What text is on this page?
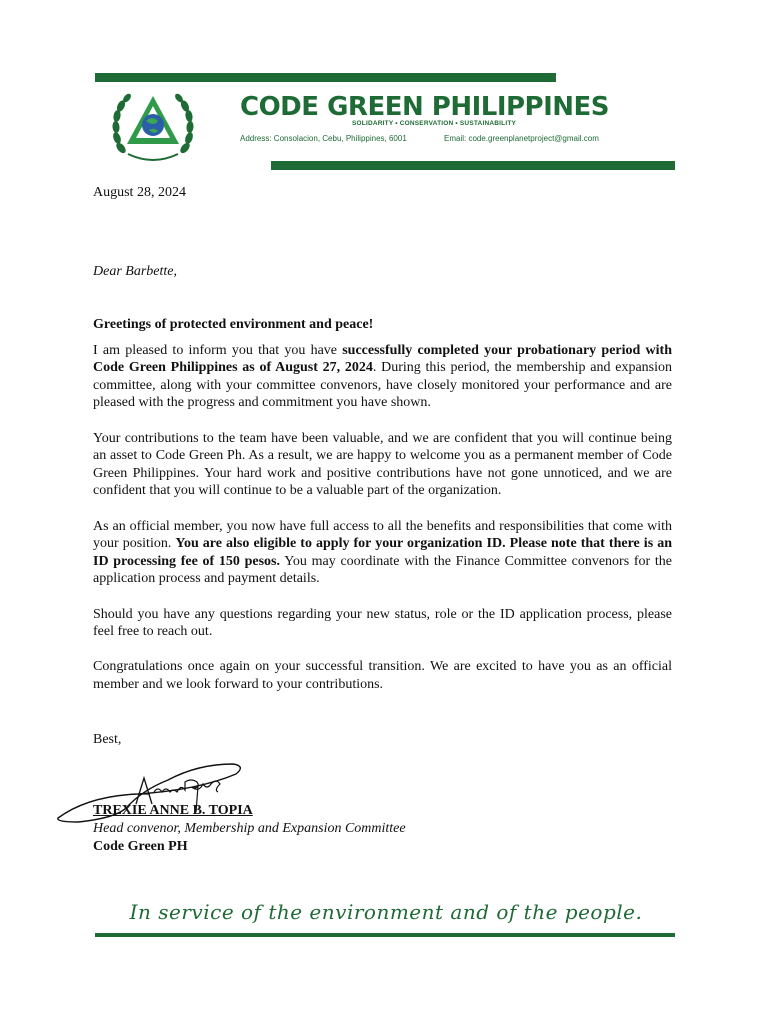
CODE GREEN PHILIPPINES
SOLIDARITY • CONSERVATION • SUSTAINABILITY
Address: Consolacion, Cebu, Philippines, 6001	Email: code.greenplanetproject@gmail.com
August 28, 2024
Dear Barbette,

Greetings of protected environment and peace!

I am pleased to inform you that you have successfully completed your probationary period with Code Green Philippines as of August 27, 2024. During this period, the membership and expansion committee, along with your committee convenors, have closely monitored your performance and are pleased with the progress and commitment you have shown.

Your contributions to the team have been valuable, and we are confident that you will continue being an asset to Code Green Ph. As a result, we are happy to welcome you as a permanent member of Code Green Philippines. Your hard work and positive contributions have not gone unnoticed, and we are confident that you will continue to be a valuable part of the organization.

As an official member, you now have full access to all the benefits and responsibilities that come with your position. You are also eligible to apply for your organization ID. Please note that there is an ID processing fee of 150 pesos. You may coordinate with the Finance Committee convenors for the application process and payment details.

Should you have any questions regarding your new status, role or the ID application process, please feel free to reach out.

Congratulations once again on your successful transition. We are excited to have you as an official member and we look forward to your contributions.

Best,
TREXIE ANNE B. TOPIA
Head convenor, Membership and Expansion Committee
Code Green PH
In service of the environment and of the people.
